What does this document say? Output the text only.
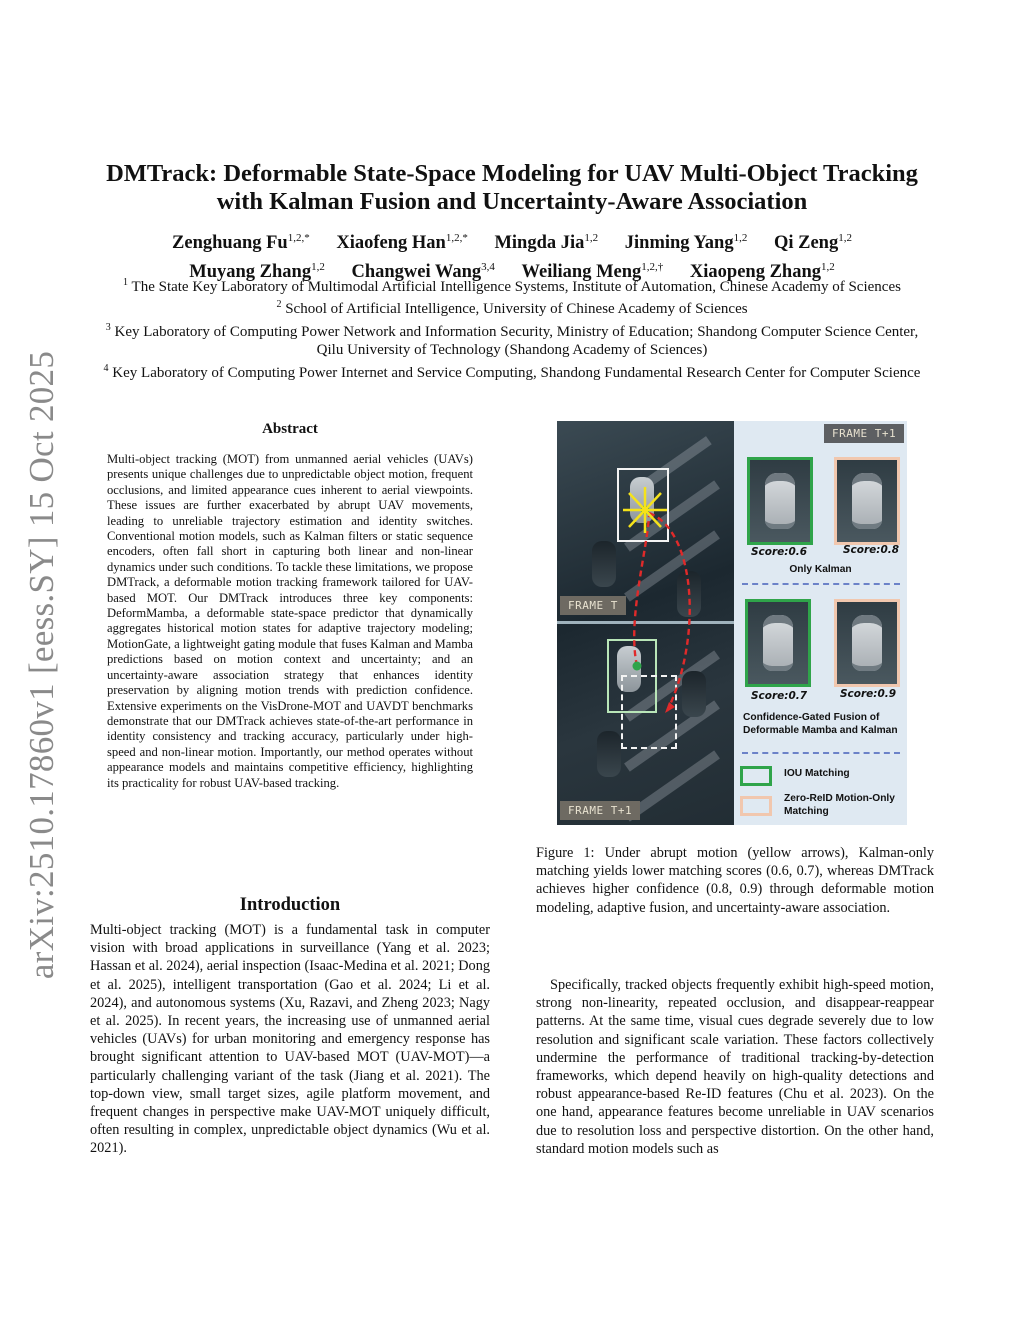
arXiv:2510.17860v1 [eess.SY] 15 Oct 2025
DMTrack: Deformable State-Space Modeling for UAV Multi-Object Tracking with Kalman Fusion and Uncertainty-Aware Association
Zenghuang $Fu^{1,2,*}$ Xiaofeng Han$^{1,2,*}$ Mingda Jia$^{1,2}$ Jinming Yang$^{1,2}$ Qi Zeng$^{1,2}$ Muyang Zhang$^{1,2}$ Changwei Wang$^{3,4}$ Weiliang Meng$^{1,2,\dagger}$ Xiaopeng Zhang$^{1,2}$
$^1$ The State Key Laboratory of Multimodal Artificial Intelligence Systems, Institute of Automation, Chinese Academy of Sciences
$^2$ School of Artificial Intelligence, University of Chinese Academy of Sciences
$^3$ Key Laboratory of Computing Power Network and Information Security, Ministry of Education; Shandong Computer Science Center, Qilu University of Technology (Shandong Academy of Sciences)
$^4$ Key Laboratory of Computing Power Internet and Service Computing, Shandong Fundamental Research Center for Computer Science
Abstract
Multi-object tracking (MOT) from unmanned aerial vehicles (UAVs) presents unique challenges due to unpredictable object motion, frequent occlusions, and limited appearance cues inherent to aerial viewpoints. These issues are further exacerbated by abrupt UAV movements, leading to unreliable trajectory estimation and identity switches. Conventional motion models, such as Kalman filters or static sequence encoders, often fall short in capturing both linear and non-linear dynamics under such conditions. To tackle these limitations, we propose DMTrack, a deformable motion tracking framework tailored for UAV-based MOT. Our DMTrack introduces three key components: DeformMamba, a deformable state-space predictor that dynamically aggregates historical motion states for adaptive trajectory modeling; MotionGate, a lightweight gating module that fuses Kalman and Mamba predictions based on motion context and uncertainty; and an uncertainty-aware association strategy that enhances identity preservation by aligning motion trends with prediction confidence. Extensive experiments on the VisDrone-MOT and UAVDT benchmarks demonstrate that our DMTrack achieves state-of-the-art performance in identity consistency and tracking accuracy, particularly under high-speed and non-linear motion. Importantly, our method operates without appearance models and maintains competitive efficiency, highlighting its practicality for robust UAV-based tracking.
Introduction
Multi-object tracking (MOT) is a fundamental task in computer vision with broad applications in surveillance (Yang et al. 2023; Hassan et al. 2024), aerial inspection (Isaac-Medina et al. 2021; Dong et al. 2025), intelligent transportation (Gao et al. 2024; Li et al. 2024), and autonomous systems (Xu, Razavi, and Zheng 2023; Nagy et al. 2025). In recent years, the increasing use of unmanned aerial vehicles (UAVs) for urban monitoring and emergency response has brought significant attention to UAV-based MOT (UAV-MOT)—a particularly challenging variant of the task (Jiang et al. 2021). The top-down view, small target sizes, agile platform movement, and frequent changes in perspective make UAV-MOT uniquely difficult, often resulting in complex, unpredictable object dynamics (Wu et al. 2021).
FRAME T
FRAME T+1
FRAME T+1
Score:0.6	Score:0.8
Only Kalman
Score:0.7	Score:0.9
Confidence-Gated Fusion of Deformable Mamba and Kalman
IOU Matching
Zero-ReID Motion-Only Matching
Figure 1: Under abrupt motion (yellow arrows), Kalman-only matching yields lower matching scores (0.6, 0.7), whereas DMTrack achieves higher confidence (0.8, 0.9) through deformable motion modeling, adaptive fusion, and uncertainty-aware association.
Specifically, tracked objects frequently exhibit high-speed motion, strong non-linearity, repeated occlusion, and disappear-reappear patterns. At the same time, visual cues degrade severely due to low resolution and significant scale variation. These factors collectively undermine the performance of traditional tracking-by-detection frameworks, which depend heavily on high-quality detections and robust appearance-based Re-ID features (Chu et al. 2023). On the one hand, appearance features become unreliable in UAV scenarios due to resolution loss and perspective distortion. On the other hand, standard motion models such as
